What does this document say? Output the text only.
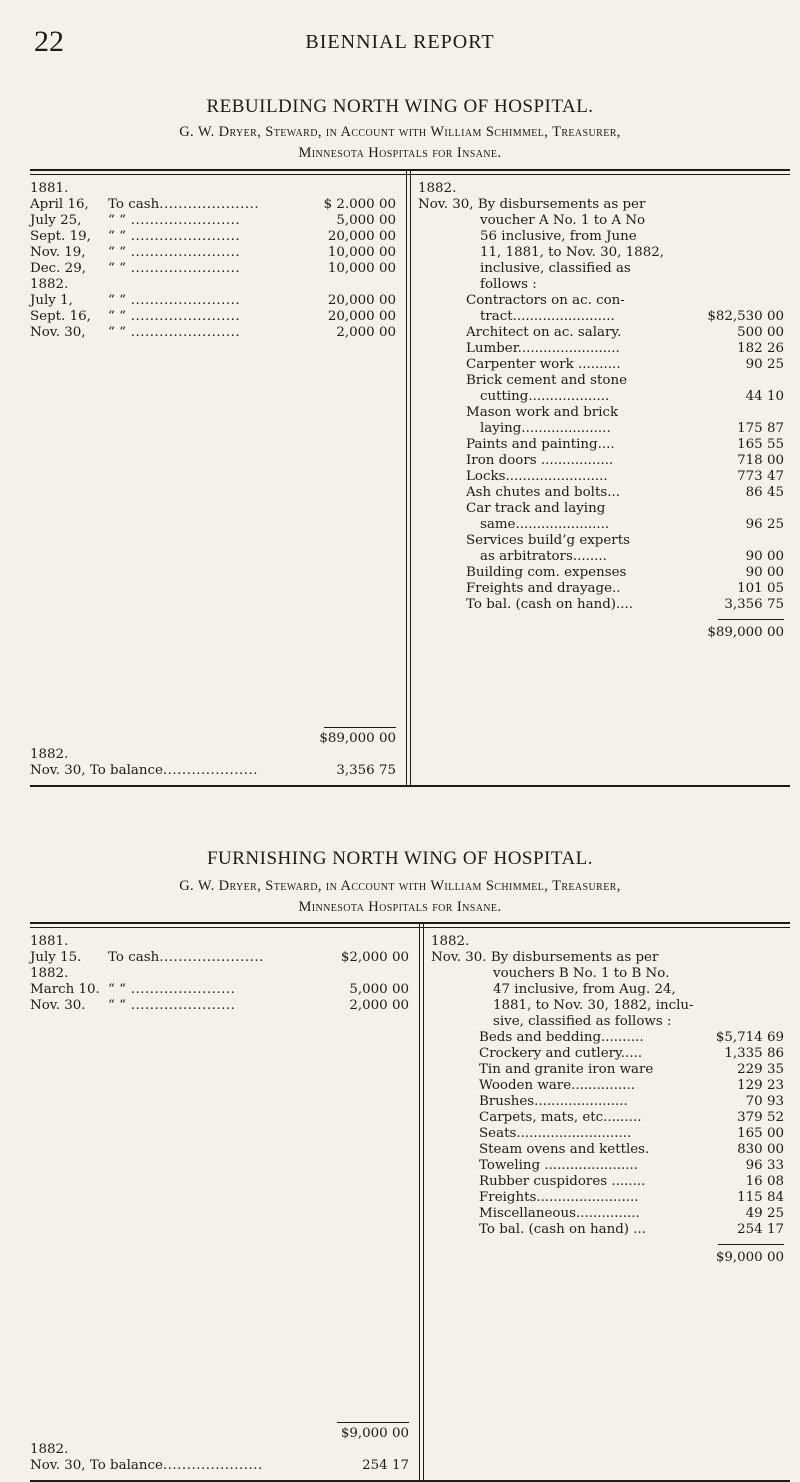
22	BIENNIAL REPORT
REBUILDING NORTH WING OF HOSPITAL.
G. W. Dryer, Steward, in Account with William Schimmel, Treasurer,
Minnesota Hospitals for Insane.
1881.
April 16, To cash.....................	$ 2.000 00
July 25, “ “ .......................	5,000 00
Sept. 19, “ “ .......................	20,000 00
Nov. 19, “ “ .......................	10,000 00
Dec. 29, “ “ .......................	10,000 00
1882.
July 1,	“ “ .......................	20,000 00
Sept. 16, “ “ .......................	20,000 00
Nov. 30, “ “ .......................	2,000 00
$89,000 00
1882.
Nov. 30, To balance....................	3,356 75
1882.
Nov. 30, By disbursements as per
voucher A No. 1 to A No
56 inclusive, from June
11, 1881, to Nov. 30, 1882,
inclusive, classified as
follows :
Contractors on ac. con-
tract........................	$82,530 00
Architect on ac. salary.	500 00
Lumber........................	182 26
Carpenter work ..........	90 25
Brick cement and stone
cutting...................	44 10
Mason work and brick
laying.....................	175 87
Paints and painting....	165 55
Iron doors .................	718 00
Locks........................	773 47
Ash chutes and bolts...	86 45
Car track and laying
same......................	96 25
Services build’g experts
as arbitrators........	90 00
Building com. expenses	90 00
Freights and drayage..	101 05
To bal. (cash on hand)....	3,356 75
$89,000 00
FURNISHING NORTH WING OF HOSPITAL.
G. W. Dryer, Steward, in Account with William Schimmel, Treasurer,
Minnesota Hospitals for Insane.
1881.
July 15. To cash......................	$2,000 00
1882.
March 10. “ “ ......................	5,000 00
Nov. 30. “ “ ......................	2,000 00
$9,000 00
1882.
Nov. 30, To balance.....................	254 17
1882.
Nov. 30. By disbursements as per
vouchers B No. 1 to B No.
47 inclusive, from Aug. 24,
1881, to Nov. 30, 1882, inclu-
sive, classified as follows :
Beds and bedding..........	$5,714 69
Crockery and cutlery.....	1,335 86
Tin and granite iron ware	229 35
Wooden ware...............	129 23
Brushes......................	70 93
Carpets, mats, etc.........	379 52
Seats...........................	165 00
Steam ovens and kettles.	830 00
Toweling ......................	96 33
Rubber cuspidores ........	16 08
Freights........................	115 84
Miscellaneous...............	49 25
To bal. (cash on hand) ...	254 17
$9,000 00
